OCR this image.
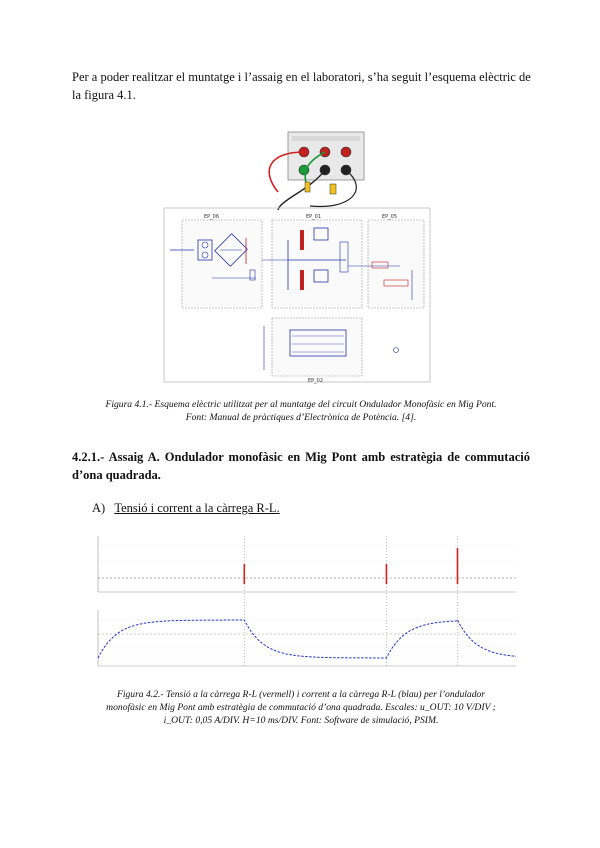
Per a poder realitzar el muntatge i l’assaig en el laboratori, s’ha seguit l’esquema elèctric de la figura 4.1.
EP_06	EP_01	EP_05
EP_02
Figura 4.1.- Esquema elèctric utilitzat per al muntatge del circuit Ondulador Monofàsic en Mig Pont.
Font: Manual de pràctiques d’Electrònica de Potència. [4].
4.2.1.- Assaig A. Ondulador monofàsic en Mig Pont amb estratègia de commutació d’ona quadrada.
A) Tensió i corrent a la càrrega R-L.
Figura 4.2.- Tensió a la càrrega R-L (vermell) i corrent a la càrrega R-L (blau) per l’ondulador
monofàsic en Mig Pont amb estratègia de commutació d’ona quadrada. Escales: u_OUT: 10 V/DIV ;
i_OUT: 0,05 A/DIV. H=10 ms/DIV. Font: Software de simulació, PSIM.
